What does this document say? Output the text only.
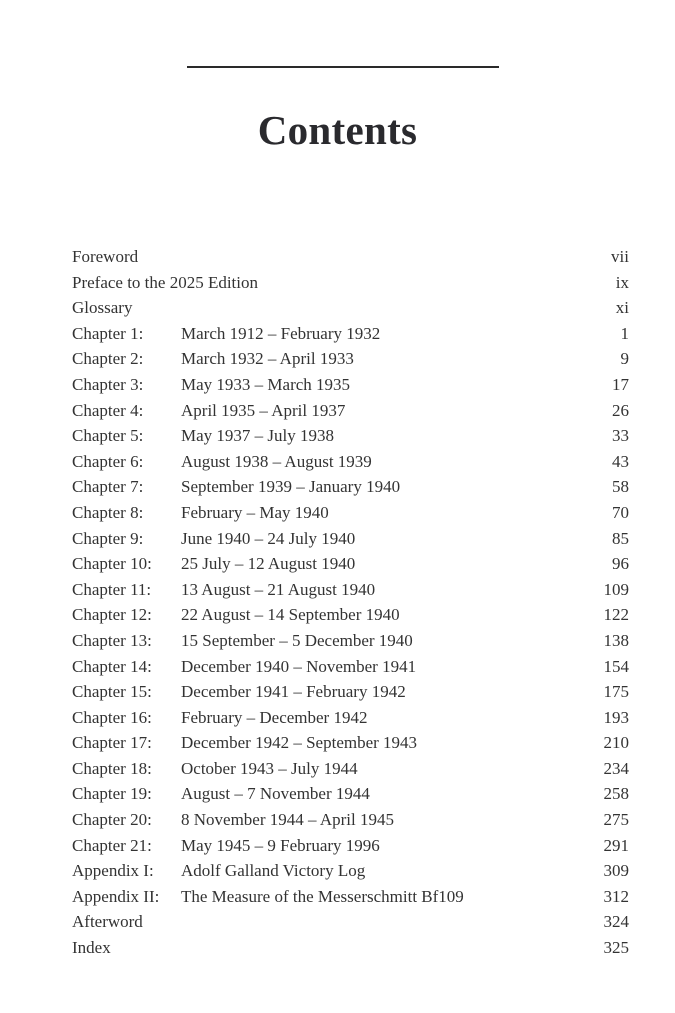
Contents
Foreword	vii
Preface to the 2025 Edition	ix
Glossary	xi
Chapter 1: March 1912 – February 1932	1
Chapter 2: March 1932 – April 1933	9
Chapter 3: May 1933 – March 1935	17
Chapter 4: April 1935 – April 1937	26
Chapter 5: May 1937 – July 1938	33
Chapter 6: August 1938 – August 1939	43
Chapter 7: September 1939 – January 1940	58
Chapter 8: February – May 1940	70
Chapter 9: June 1940 – 24 July 1940	85
Chapter 10: 25 July – 12 August 1940	96
Chapter 11: 13 August – 21 August 1940	109
Chapter 12: 22 August – 14 September 1940	122
Chapter 13: 15 September – 5 December 1940	138
Chapter 14: December 1940 – November 1941	154
Chapter 15: December 1941 – February 1942	175
Chapter 16: February – December 1942	193
Chapter 17: December 1942 – September 1943	210
Chapter 18: October 1943 – July 1944	234
Chapter 19: August – 7 November 1944	258
Chapter 20: 8 November 1944 – April 1945	275
Chapter 21: May 1945 – 9 February 1996	291
Appendix I: Adolf Galland Victory Log	309
Appendix II: The Measure of the Messerschmitt Bf109	312
Afterword	324
Index	325
